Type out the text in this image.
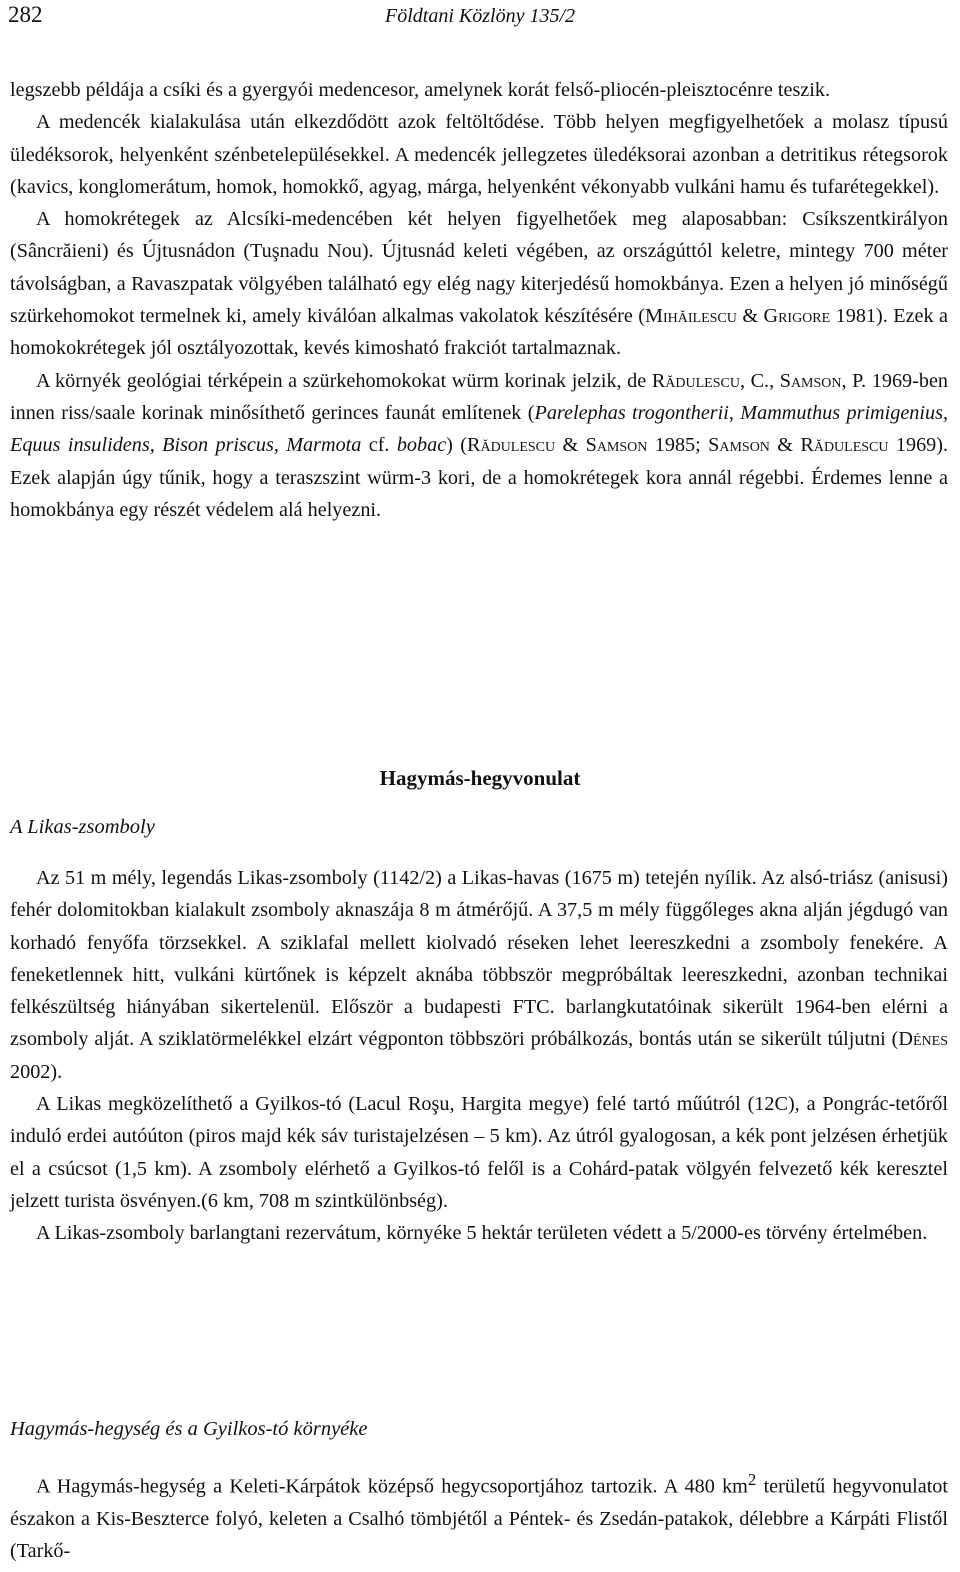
282	Földtani Közlöny 135/2

legszebb példája a csíki és a gyergyói medencesor, amelynek korát felső-pliocén-pleisztocénre teszik.

A medencék kialakulása után elkezdődött azok feltöltődése. Több helyen megfigyelhetőek a molasz típusú üledéksorok, helyenként szénbetelepülésekkel. A medencék jellegzetes üledéksorai azonban a detritikus rétegsorok (kavics, konglomerátum, homok, homokkő, agyag, márga, helyenként vékonyabb vulkáni hamu és tufarétegekkel).

A homokrétegek az Alcsíki-medencében két helyen figyelhetőek meg alaposabban: Csíkszentkirályon (Sâncrăieni) és Újtusnádon (Tuşnadu Nou). Újtusnád keleti végében, az országúttól keletre, mintegy 700 méter távolságban, a Ravaszpatak völgyében található egy elég nagy kiterjedésű homokbánya. Ezen a helyen jó minőségű szürkehomokot termelnek ki, amely kiválóan alkalmas vakolatok készítésére (Mihăilescu & Grigore 1981). Ezek a homokokrétegek jól osztályozottak, kevés kimosható frakciót tartalmaznak.

A környék geológiai térképein a szürkehomokokat würm korinak jelzik, de Rădulescu, C., Samson, P. 1969-ben innen riss/saale korinak minősíthető gerinces faunát említenek (Parelephas trogontherii, Mammuthus primigenius, Equus insulidens, Bison priscus, Marmota cf. bobac) (Rădulescu & Samson 1985; Samson & Rădulescu 1969). Ezek alapján úgy tűnik, hogy a teraszszint würm-3 kori, de a homokrétegek kora annál régebbi. Érdemes lenne a homokbánya egy részét védelem alá helyezni.

Hagymás-hegyvonulat
A Likas-zsomboly

Az 51 m mély, legendás Likas-zsomboly (1142/2) a Likas-havas (1675 m) tetején nyílik. Az alsó-triász (anisusi) fehér dolomitokban kialakult zsomboly aknaszája 8 m átmérőjű. A 37,5 m mély függőleges akna alján jégdugó van korhadó fenyőfa törzsekkel. A sziklafal mellett kiolvadó réseken lehet leereszkedni a zsomboly fenekére. A feneketlennek hitt, vulkáni kürtőnek is képzelt aknába többször megpróbáltak leereszkedni, azonban technikai felkészültség hiányában sikertelenül. Először a budapesti FTC. barlangkutatóinak sikerült 1964-ben elérni a zsomboly alját. A sziklatörmelékkel elzárt végponton többszöri próbálkozás, bontás után se sikerült túljutni (Dénes 2002).

A Likas megközelíthető a Gyilkos-tó (Lacul Roşu, Hargita megye) felé tartó műútról (12C), a Pongrác-tetőről induló erdei autóúton (piros majd kék sáv turistajelzésen – 5 km). Az útról gyalogosan, a kék pont jelzésen érhetjük el a csúcsot (1,5 km). A zsomboly elérhető a Gyilkos-tó felől is a Cohárd-patak völgyén felvezető kék keresztel jelzett turista ösvényen.(6 km, 708 m szintkülönbség).

A Likas-zsomboly barlangtani rezervátum, környéke 5 hektár területen védett a 5/2000-es törvény értelmében.

Hagymás-hegység és a Gyilkos-tó környéke

A Hagymás-hegység a Keleti-Kárpátok középső hegycsoportjához tartozik. A 480 $km^2$ területű hegyvonulatot északon a Kis-Beszterce folyó, keleten a Csalhó tömbjétől a Péntek- és Zsedán-patakok, délebbre a Kárpáti Flistől (Tarkő-
